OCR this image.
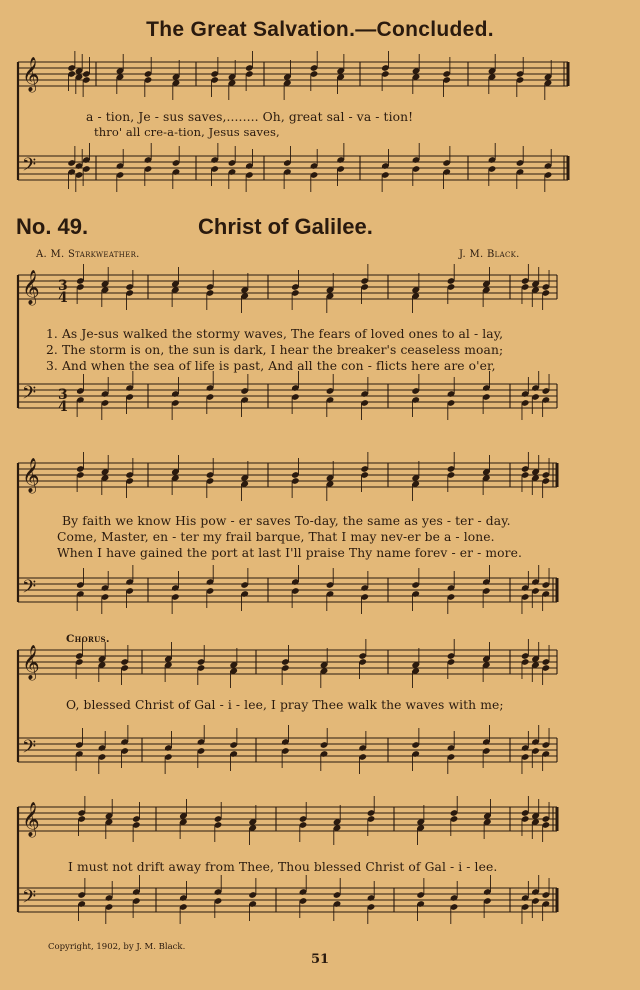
𝄞
𝄢
𝄞
𝄢
𝄞
𝄢
𝄞
𝄢
𝄞
𝄢
3
4
3
4
The Great Salvation.—Concluded.
a - tion, Je - sus saves,........ Oh, great sal - va - tion!
thro' all cre-a-tion, Jesus saves,
No. 49.	Christ of Galilee.
A. M. Starkweather.	J. M. Black.
1. As Je-sus walked the stormy waves, The fears of loved ones to al - lay,
2. The storm is on, the sun is dark, I hear the breaker's ceaseless moan;
3. And when the sea of life is past, And all the con - flicts here are o'er,
By faith we know His pow - er saves To-day, the same as yes - ter - day.
Come, Master, en - ter my frail barque, That I may nev-er be a - lone.
When I have gained the port at last I'll praise Thy name forev - er - more.
Chorus.
O, blessed Christ of Gal - i - lee, I pray Thee walk the waves with me;
I must not drift away from Thee, Thou blessed Christ of Gal - i - lee.
Copyright, 1902, by J. M. Black.
51
